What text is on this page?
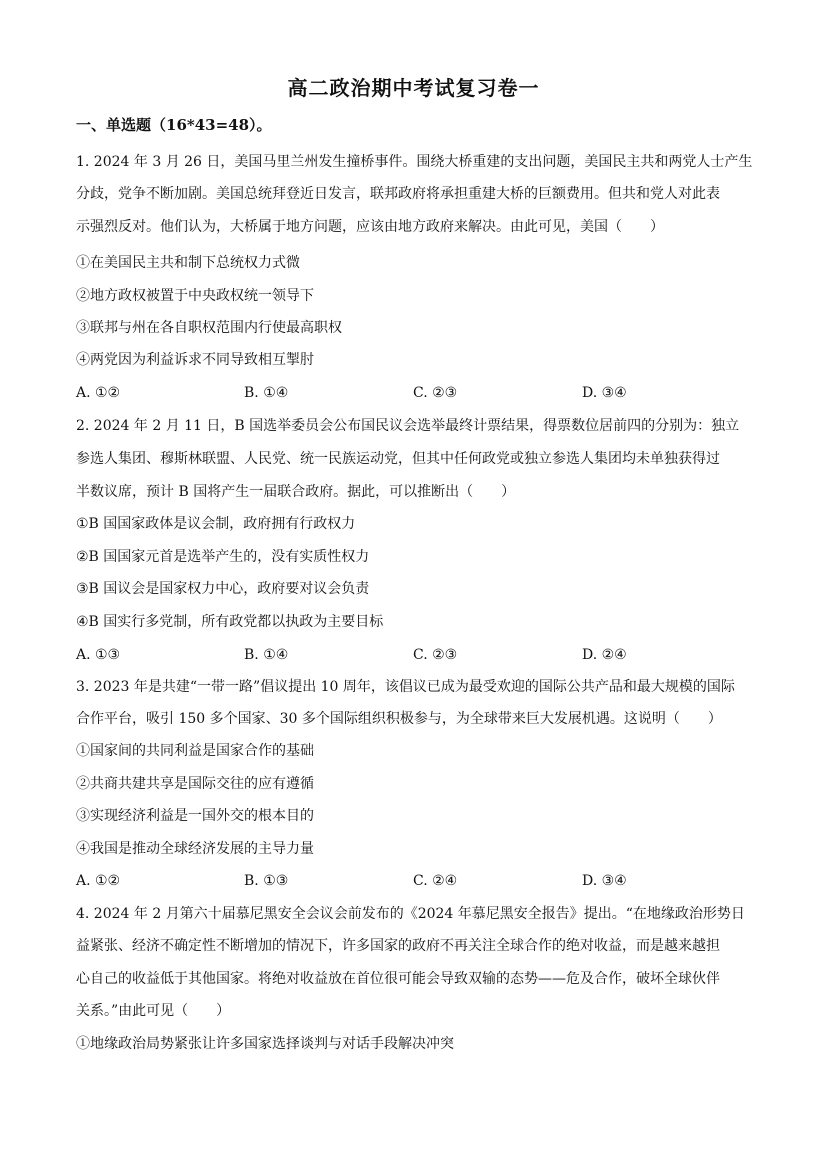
高二政治期中考试复习卷一
一、单选题（16*43=48）。
1. 2024 年 3 月 26 日，美国马里兰州发生撞桥事件。围绕大桥重建的支出问题，美国民主共和两党人士产生
分歧，党争不断加剧。美国总统拜登近日发言，联邦政府将承担重建大桥的巨额费用。但共和党人对此表
示强烈反对。他们认为，大桥属于地方问题，应该由地方政府来解决。由此可见，美国（　　）
①在美国民主共和制下总统权力式微
②地方政权被置于中央政权统一领导下
③联邦与州在各自职权范围内行使最高职权
④两党因为利益诉求不同导致相互掣肘
A. ①②	B. ①④	C. ②③	D. ③④
2. 2024 年 2 月 11 日，B 国选举委员会公布国民议会选举最终计票结果，得票数位居前四的分别为：独立
参选人集团、穆斯林联盟、人民党、统一民族运动党，但其中任何政党或独立参选人集团均未单独获得过
半数议席，预计 B 国将产生一届联合政府。据此，可以推断出（　　）
①B 国国家政体是议会制，政府拥有行政权力
②B 国国家元首是选举产生的，没有实质性权力
③B 国议会是国家权力中心，政府要对议会负责
④B 国实行多党制，所有政党都以执政为主要目标
A. ①③	B. ①④	C. ②③	D. ②④
3. 2023 年是共建“一带一路”倡议提出 10 周年，该倡议已成为最受欢迎的国际公共产品和最大规模的国际
合作平台，吸引 150 多个国家、30 多个国际组织积极参与，为全球带来巨大发展机遇。这说明（　　）
①国家间的共同利益是国家合作的基础
②共商共建共享是国际交往的应有遵循
③实现经济利益是一国外交的根本目的
④我国是推动全球经济发展的主导力量
A. ①②	B. ①③	C. ②④	D. ③④
4. 2024 年 2 月第六十届慕尼黑安全会议会前发布的《2024 年慕尼黑安全报告》提出。“在地缘政治形势日
益紧张、经济不确定性不断增加的情况下，许多国家的政府不再关注全球合作的绝对收益，而是越来越担
心自己的收益低于其他国家。将绝对收益放在首位很可能会导致双输的态势——危及合作，破坏全球伙伴
关系。”由此可见（　　）
①地缘政治局势紧张让许多国家选择谈判与对话手段解决冲突
